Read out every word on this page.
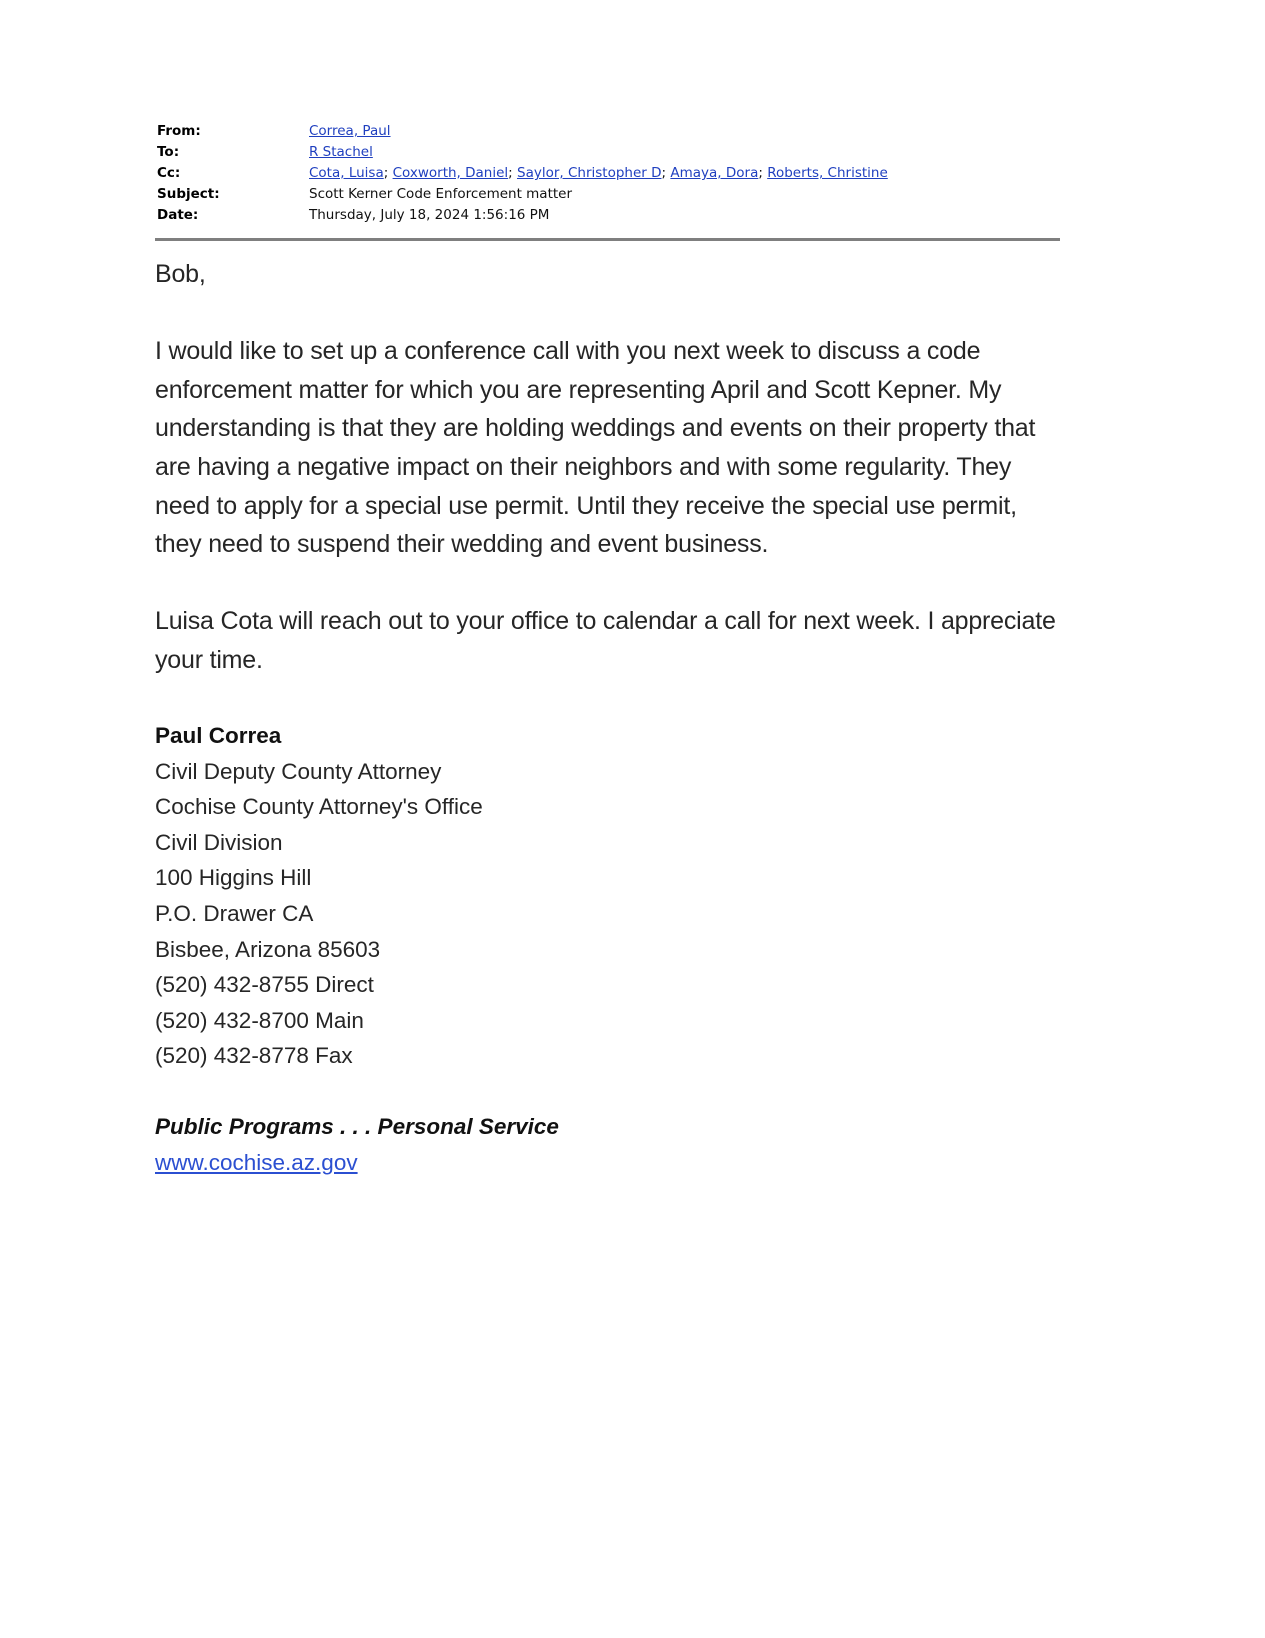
From:	Correa, Paul
To:	R Stachel
Cc:	Cota, Luisa; Coxworth, Daniel; Saylor, Christopher D; Amaya, Dora; Roberts, Christine
Subject:	Scott Kerner Code Enforcement matter
Date:	Thursday, July 18, 2024 1:56:16 PM

Bob,

I would like to set up a conference call with you next week to discuss a code enforcement matter for which you are representing April and Scott Kepner. My understanding is that they are holding weddings and events on their property that are having a negative impact on their neighbors and with some regularity. They need to apply for a special use permit. Until they receive the special use permit, they need to suspend their wedding and event business.

Luisa Cota will reach out to your office to calendar a call for next week. I appreciate your time.

Paul Correa
Civil Deputy County Attorney
Cochise County Attorney's Office
Civil Division
100 Higgins Hill
P.O. Drawer CA
Bisbee, Arizona 85603
(520) 432-8755 Direct
(520) 432-8700 Main
(520) 432-8778 Fax
Public Programs . . . Personal Service
www.cochise.az.gov
